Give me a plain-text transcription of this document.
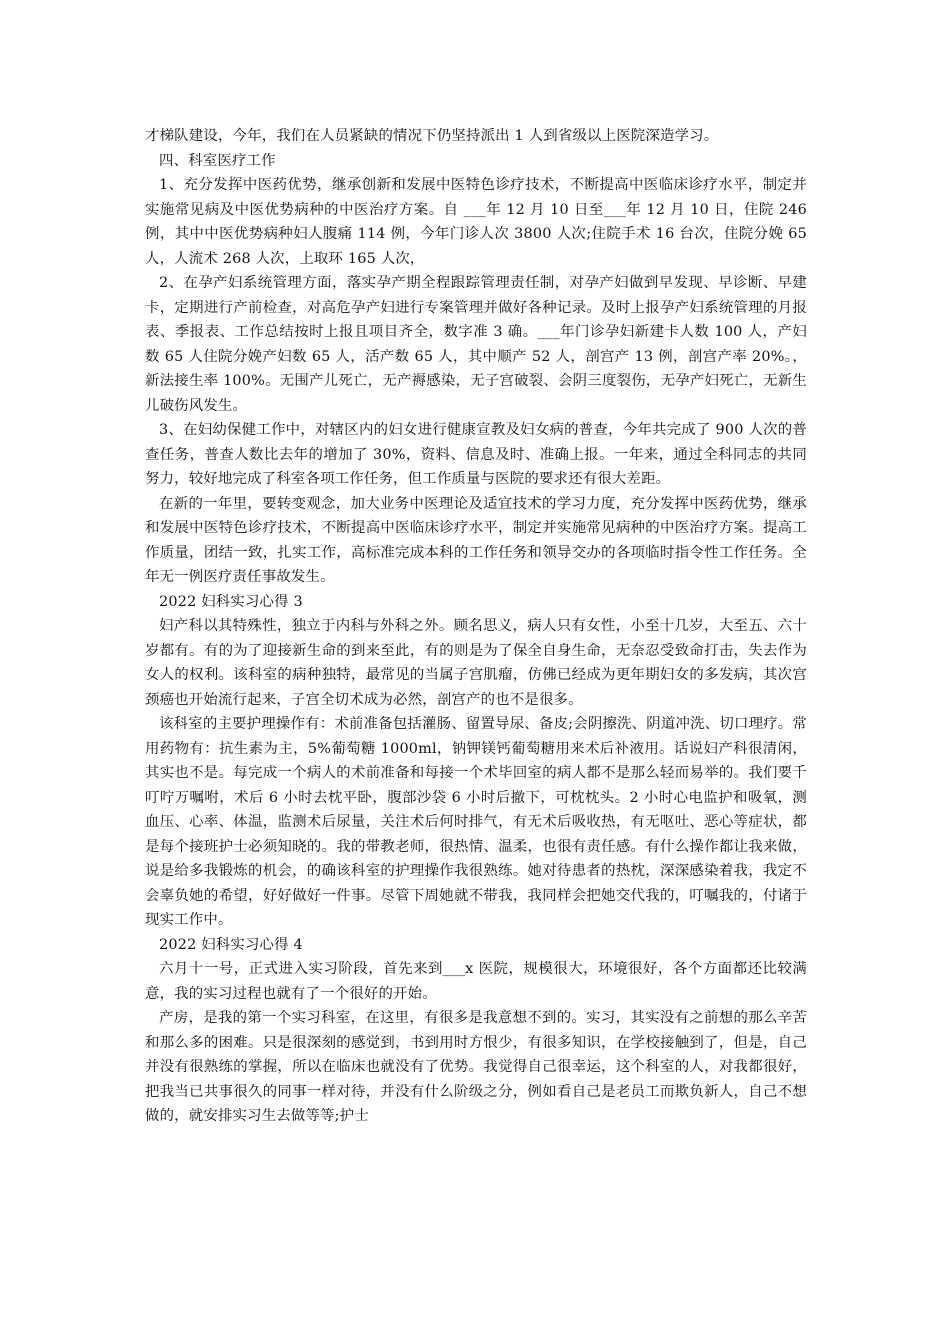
才梯队建设，今年，我们在人员紧缺的情况下仍坚持派出 1 人到省级以上医院深造学习。

四、科室医疗工作

1、充分发挥中医药优势，继承创新和发展中医特色诊疗技术，不断提高中医临床诊疗水平，制定并实施常见病及中医优势病种的中医治疗方案。自 ___年 12 月 10 日至___年 12 月 10 日，住院 246 例，其中中医优势病种妇人腹痛 114 例，今年门诊人次 3800 人次;住院手术 16 台次，住院分娩 65 人，人流术 268 人次，上取环 165 人次，

2、在孕产妇系统管理方面，落实孕产期全程跟踪管理责任制，对孕产妇做到早发现、早诊断、早建卡，定期进行产前检查，对高危孕产妇进行专案管理并做好各种记录。及时上报孕产妇系统管理的月报表、季报表、工作总结按时上报且项目齐全，数字准 3 确。___年门诊孕妇新建卡人数 100 人，产妇数 65 人住院分娩产妇数 65 人，活产数 65 人，其中顺产 52 人，剖宫产 13 例，剖宫产率 20%。，新法接生率 100%。无围产儿死亡，无产褥感染，无子宫破裂、会阴三度裂伤，无孕产妇死亡，无新生儿破伤风发生。

3、在妇幼保健工作中，对辖区内的妇女进行健康宣教及妇女病的普查，今年共完成了 900 人次的普查任务，普查人数比去年的增加了 30%，资料、信息及时、准确上报。一年来，通过全科同志的共同努力，较好地完成了科室各项工作任务，但工作质量与医院的要求还有很大差距。

在新的一年里，要转变观念，加大业务中医理论及适宜技术的学习力度，充分发挥中医药优势，继承和发展中医特色诊疗技术，不断提高中医临床诊疗水平，制定并实施常见病种的中医治疗方案。提高工作质量，团结一致，扎实工作，高标准完成本科的工作任务和领导交办的各项临时指令性工作任务。全年无一例医疗责任事故发生。

2022 妇科实习心得 3

妇产科以其特殊性，独立于内科与外科之外。顾名思义，病人只有女性，小至十几岁，大至五、六十岁都有。有的为了迎接新生命的到来至此，有的则是为了保全自身生命，无奈忍受致命打击，失去作为女人的权利。该科室的病种独特，最常见的当属子宫肌瘤，仿佛已经成为更年期妇女的多发病，其次宫颈癌也开始流行起来，子宫全切术成为必然，剖宫产的也不是很多。

该科室的主要护理操作有：术前准备包括灌肠、留置导尿、备皮;会阴擦洗、阴道冲洗、切口理疗。常用药物有：抗生素为主，5%葡萄糖 1000ml，钠钾镁钙葡萄糖用来术后补液用。话说妇产科很清闲，其实也不是。每完成一个病人的术前准备和每接一个术毕回室的病人都不是那么轻而易举的。我们要千叮咛万嘱咐，术后 6 小时去枕平卧，腹部沙袋 6 小时后撤下，可枕枕头。2 小时心电监护和吸氧，测血压、心率、体温，监测术后尿量，关注术后何时排气，有无术后吸收热，有无呕吐、恶心等症状，都是每个接班护士必须知晓的。我的带教老师，很热情、温柔，也很有责任感。有什么操作都让我来做，说是给多我锻炼的机会，的确该科室的护理操作我很熟练。她对待患者的热枕，深深感染着我，我定不会辜负她的希望，好好做好一件事。尽管下周她就不带我，我同样会把她交代我的，叮嘱我的，付诸于现实工作中。

2022 妇科实习心得 4

六月十一号，正式进入实习阶段，首先来到___x 医院，规模很大，环境很好，各个方面都还比较满意，我的实习过程也就有了一个很好的开始。

产房，是我的第一个实习科室，在这里，有很多是我意想不到的。实习，其实没有之前想的那么辛苦和那么多的困难。只是很深刻的感觉到，书到用时方恨少，有很多知识，在学校接触到了，但是，自己并没有很熟练的掌握，所以在临床也就没有了优势。我觉得自己很幸运，这个科室的人，对我都很好，把我当已共事很久的同事一样对待，并没有什么阶级之分，例如看自己是老员工而欺负新人，自己不想做的，就安排实习生去做等等;护士
